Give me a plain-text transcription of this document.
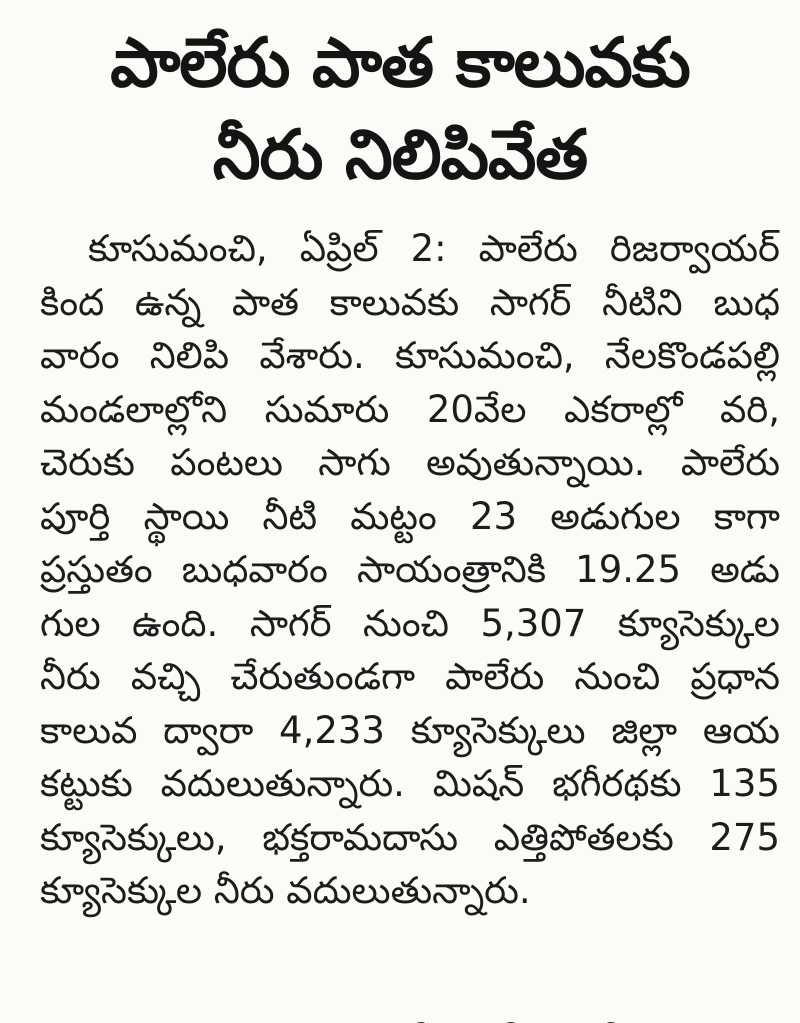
పాలేరు పాత కాలువకు
నీరు నిలిపివేత
కూసుమంచి, ఏప్రిల్ 2: పాలేరు రిజర్వాయర్
కింద ఉన్న పాత కాలువకు సాగర్ నీటిని బుధ
వారం నిలిపి వేశారు. కూసుమంచి, నేలకొండపల్లి
మండలాల్లోని సుమారు 20వేల ఎకరాల్లో వరి,
చెరుకు పంటలు సాగు అవుతున్నాయి. పాలేరు
పూర్తి స్థాయి నీటి మట్టం 23 అడుగుల కాగా
ప్రస్తుతం బుధవారం సాయంత్రానికి 19.25 అడు
గుల ఉంది. సాగర్ నుంచి 5,307 క్యూసెక్కుల
నీరు వచ్చి చేరుతుండగా పాలేరు నుంచి ప్రధాన
కాలువ ద్వారా 4,233 క్యూసెక్కులు జిల్లా ఆయ
కట్టుకు వదులుతున్నారు. మిషన్ భగీరథకు 135
క్యూసెక్కులు, భక్తరామదాసు ఎత్తిపోతలకు 275
క్యూసెక్కుల నీరు వదులుతున్నారు.
